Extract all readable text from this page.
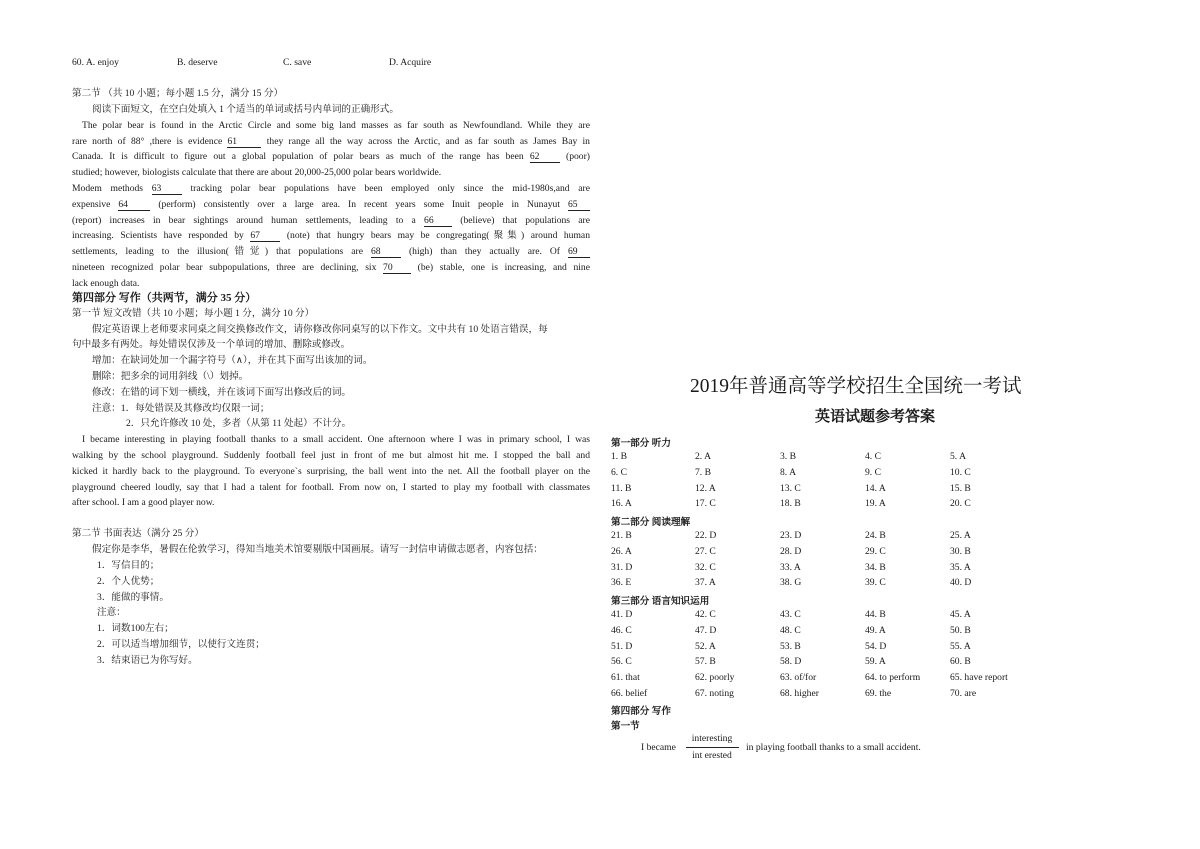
60. A. enjoy	B. deserve	C. save	D. Acquire
第二节 （共 10 小题；每小题 1.5 分，满分 15 分）
阅读下面短文，在空白处填入 1 个适当的单词或括号内单词的正确形式。
The polar bear is found in the Arctic Circle and some big land masses as far south as Newfoundland. While they are
rare north of 88° ,there is evidence 61	they range all the way across the Arctic, and as far south as James Bay in
Canada. It is difficult to figure out a global population of polar bears as much of the range has been 62	(poor)
studied; however, biologists calculate that there are about 20,000-25,000 polar bears worldwide.
Modem methods 63	tracking polar bear populations have been employed only since the mid-1980s,and are
expensive 64	(perform) consistently over a large area. In recent years some Inuit people in Nunayut 65
(report) increases in bear sightings around human settlements, leading to a 66	(believe) that populations are
increasing. Scientists have responded by 67	(note) that hungry bears may be congregating(聚集) around human
settlements, leading to the illusion(错觉) that populations are 68	(high) than they actually are. Of 69
nineteen recognized polar bear subpopulations, three are declining, six 70	(be) stable, one is increasing, and nine
lack enough data.
第四部分 写作（共两节，满分 35 分）
第一节 短文改错（共 10 小题；每小题 1 分，满分 10 分）
假定英语课上老师要求同桌之间交换修改作文，请你修改你同桌写的以下作文。文中共有 10 处语言错误，每
句中最多有两处。每处错误仅涉及一个单词的增加、删除或修改。
增加：在缺词处加一个漏字符号（∧），并在其下面写出该加的词。
删除：把多余的词用斜线（\）划掉。
修改：在错的词下划一横线，并在该词下面写出修改后的词。
注意：1．每处错误及其修改均仅限一词；
2．只允许修改 10 处，多者（从第 11 处起）不计分。
I became interesting in playing football thanks to a small accident. One afternoon where I was in primary school, I was
walking by the school playground. Suddenly football feel just in front of me but almost hit me. I stopped the ball and
kicked it hardly back to the playground. To everyone`s surprising, the ball went into the net. All the football player on the
playground cheered loudly, say that I had a talent for football. From now on, I started to play my football with classmates
after school. I am a good player now.
第二节 书面表达（满分 25 分）
假定你是李华，暑假在伦敦学习，得知当地美术馆要剔版中国画展。请写一封信申请做志愿者，内容包括：
1．写信目的；
2．个人优势；
3．能做的事情。
注意：
1．词数100左右；
2．可以适当增加细节，以使行文连贯；
3．结束语已为你写好。
2019年普通高等学校招生全国统一考试
英语试题参考答案
第一部分 听力
1. B	2. A	3. B	4. C	5. A
6. C	7. B	8. A	9. C	10. C
11. B	12. A	13. C	14. A	15. B
16. A	17. C	18. B	19. A	20. C
第二部分 阅读理解
21. B	22. D	23. D	24. B	25. A
26. A	27. C	28. D	29. C	30. B
31. D	32. C	33. A	34. B	35. A
36. E	37. A	38. G	39. C	40. D
第三部分 语言知识运用
41. D	42. C	43. C	44. B	45. A
46. C	47. D	48. C	49. A	50. B
51. D	52. A	53. B	54. D	55. A
56. C	57. B	58. D	59. A	60. B
61. that	62. poorly	63. of/for	64. to perform	65. have report
66. belief	67. noting	68. higher	69. the	70. are
第四部分 写作
第一节
I became
interesting
int erested
in playing football thanks to a small accident.
